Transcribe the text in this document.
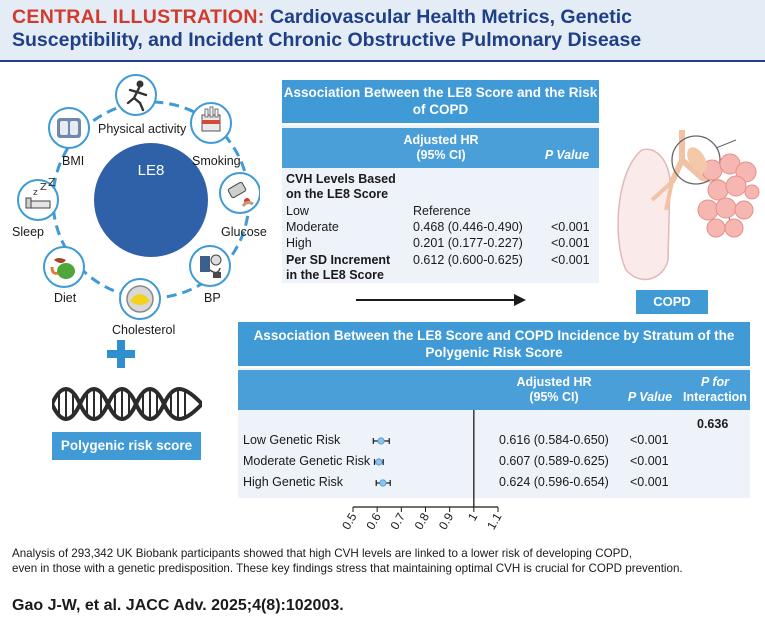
CENTRAL ILLUSTRATION: Cardiovascular Health Metrics, Genetic
Susceptibility, and Incident Chronic Obstructive Pulmonary Disease
z Z Z
LE8
Physical activity
Smoking
Glucose
BP
Cholesterol
Diet
Sleep
BMI
Polygenic risk score
Association Between the LE8 Score and the Risk of COPD
Adjusted HR (95% CI)	P Value
CVH Levels Based
on the LE8 Score
Low	Reference
Moderate	0.468 (0.446-0.490) <0.001
High	0.201 (0.177-0.227) <0.001
Per SD Increment
in the LE8 Score
0.612 (0.600-0.625) <0.001
COPD
Association Between the LE8 Score and COPD Incidence by Stratum of the
Polygenic Risk Score
Adjusted HR
(95% CI)	P Value
P for
Interaction
0.636
Low Genetic Risk	0.616 (0.584-0.650) <0.001
Moderate Genetic Risk	0.607 (0.589-0.625) <0.001
High Genetic Risk	0.624 (0.596-0.654) <0.001
0.5 0.6 0.7 0.8 0.9 1 1.1
Analysis of 293,342 UK Biobank participants showed that high CVH levels are linked to a lower risk of developing COPD,
even in those with a genetic predisposition. These key findings stress that maintaining optimal CVH is crucial for COPD prevention.
Gao J-W, et al. JACC Adv. 2025;4(8):102003.
